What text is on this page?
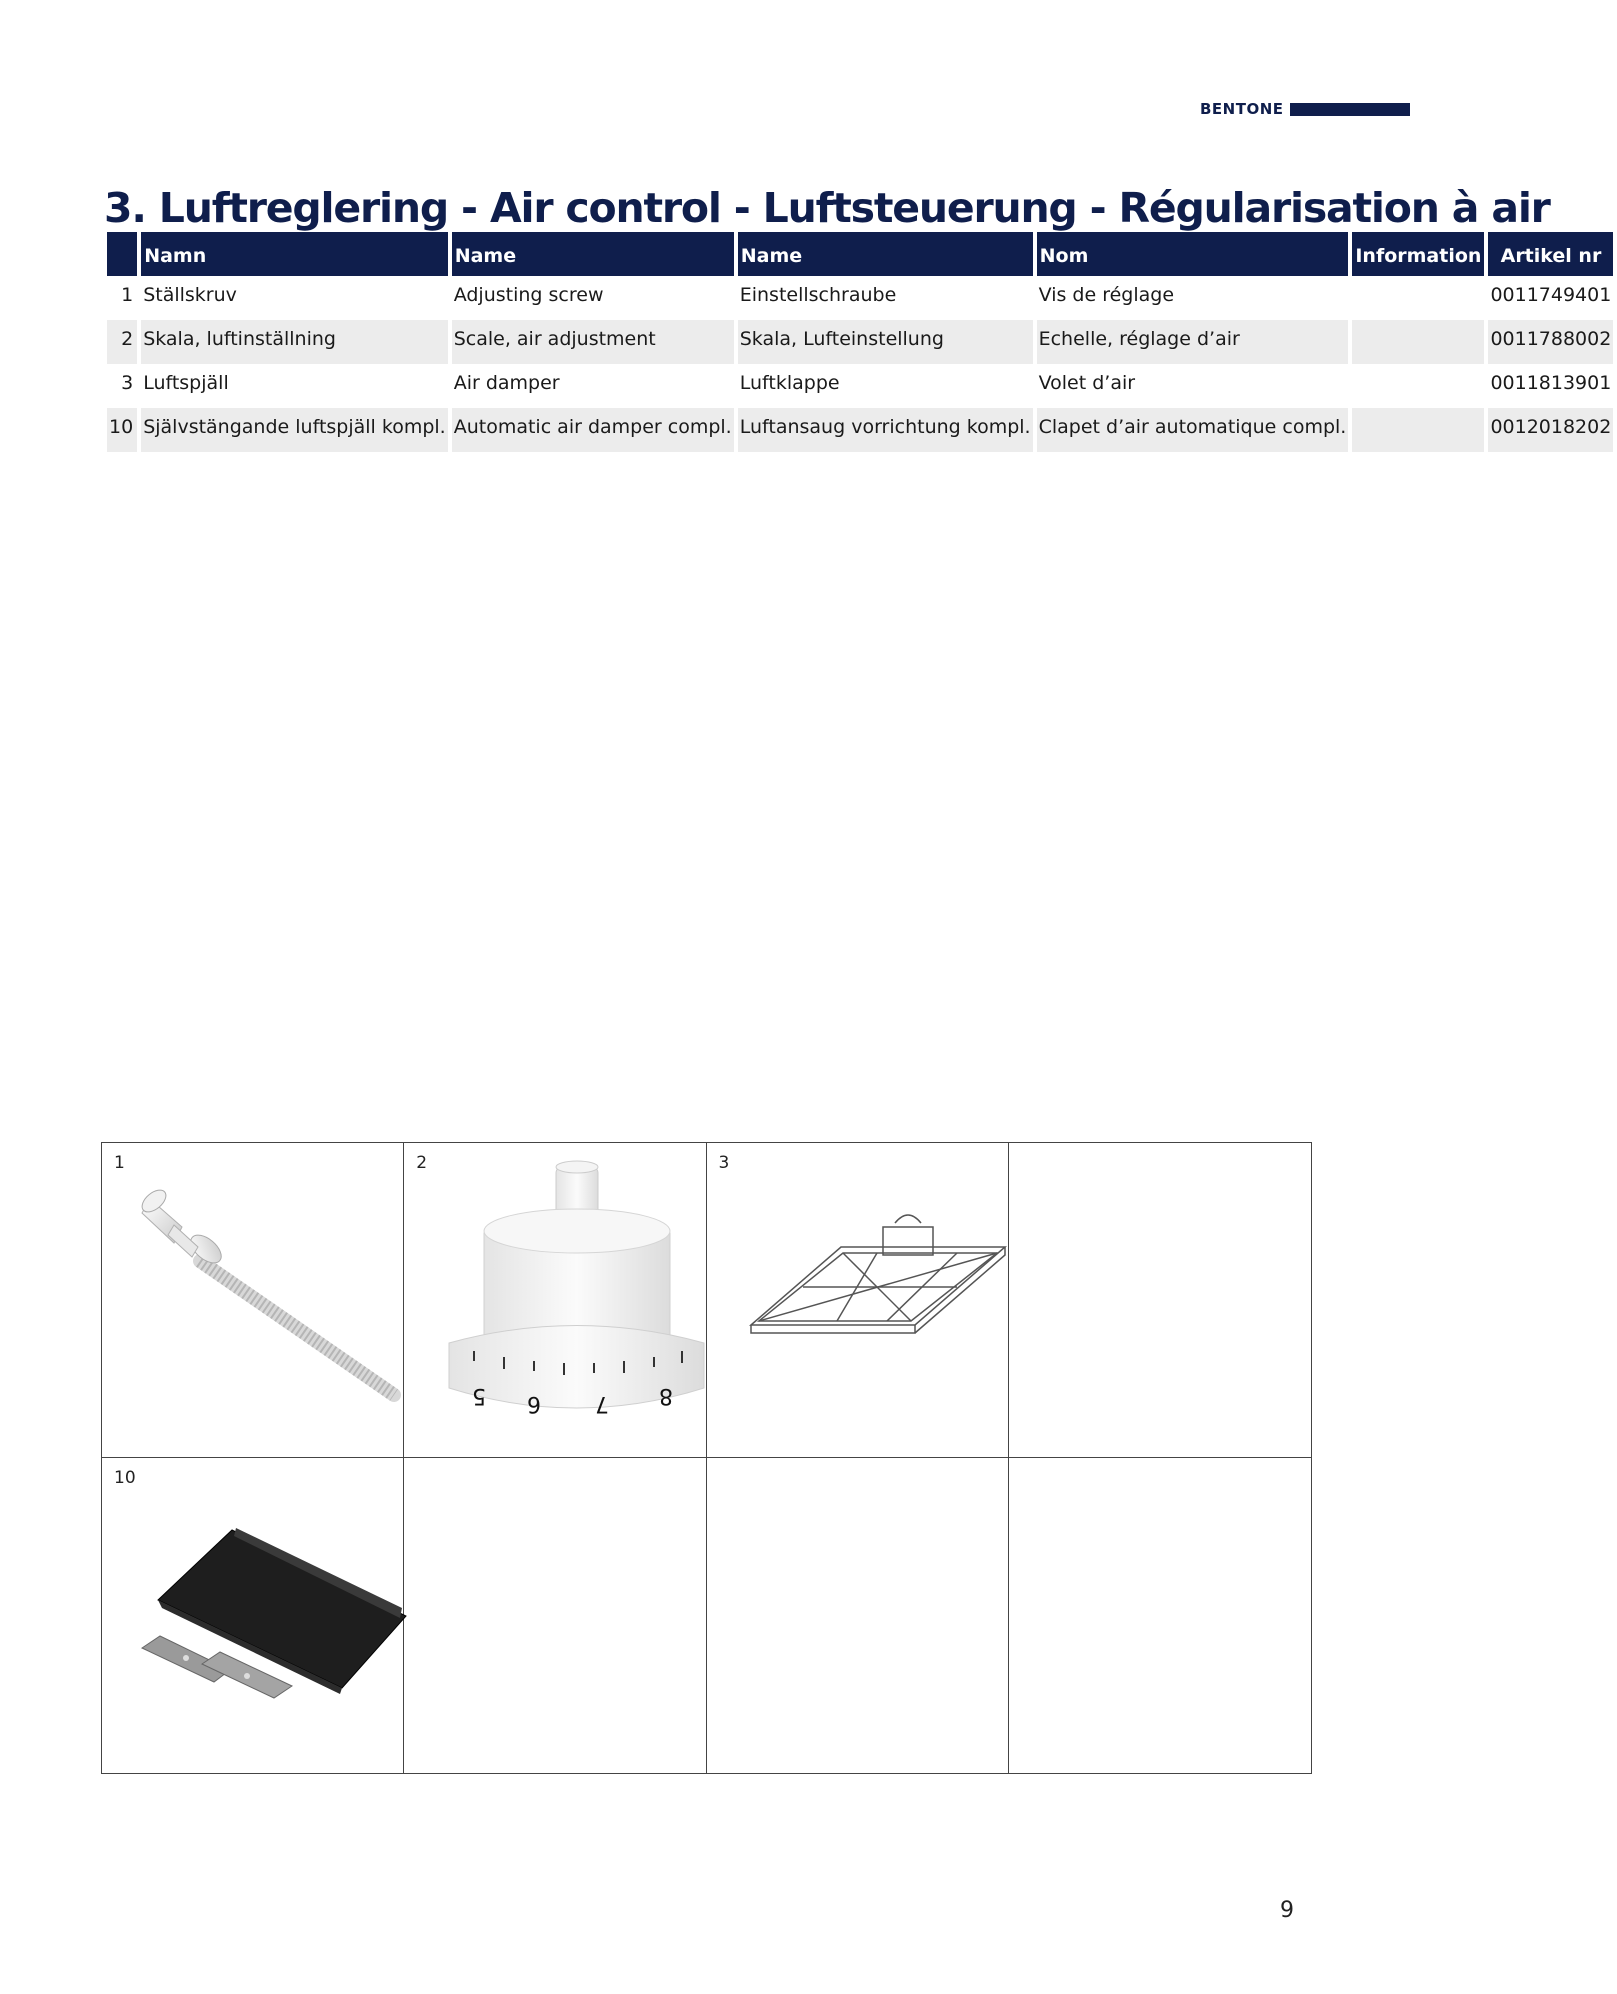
BENTONE
3. Luftreglering - Air control - Luftsteuerung - Régularisation à air
	Namn	Name	Name	Nom	Information	Artikel nr
1	Ställskruv	Adjusting screw	Einstellschraube	Vis de réglage		0011749401
2	Skala, luftinställning	Scale, air adjustment	Skala, Lufteinstellung	Echelle, réglage d’air		0011788002
3	Luftspjäll	Air damper	Luftklappe	Volet d’air		0011813901
10	Självstängande luftspjäll kompl.	Automatic air damper compl.	Luftansaug vorrichtung kompl.	Clapet d’air automatique compl.		0012018202
1	2
5 6 7 8
3
10
9
